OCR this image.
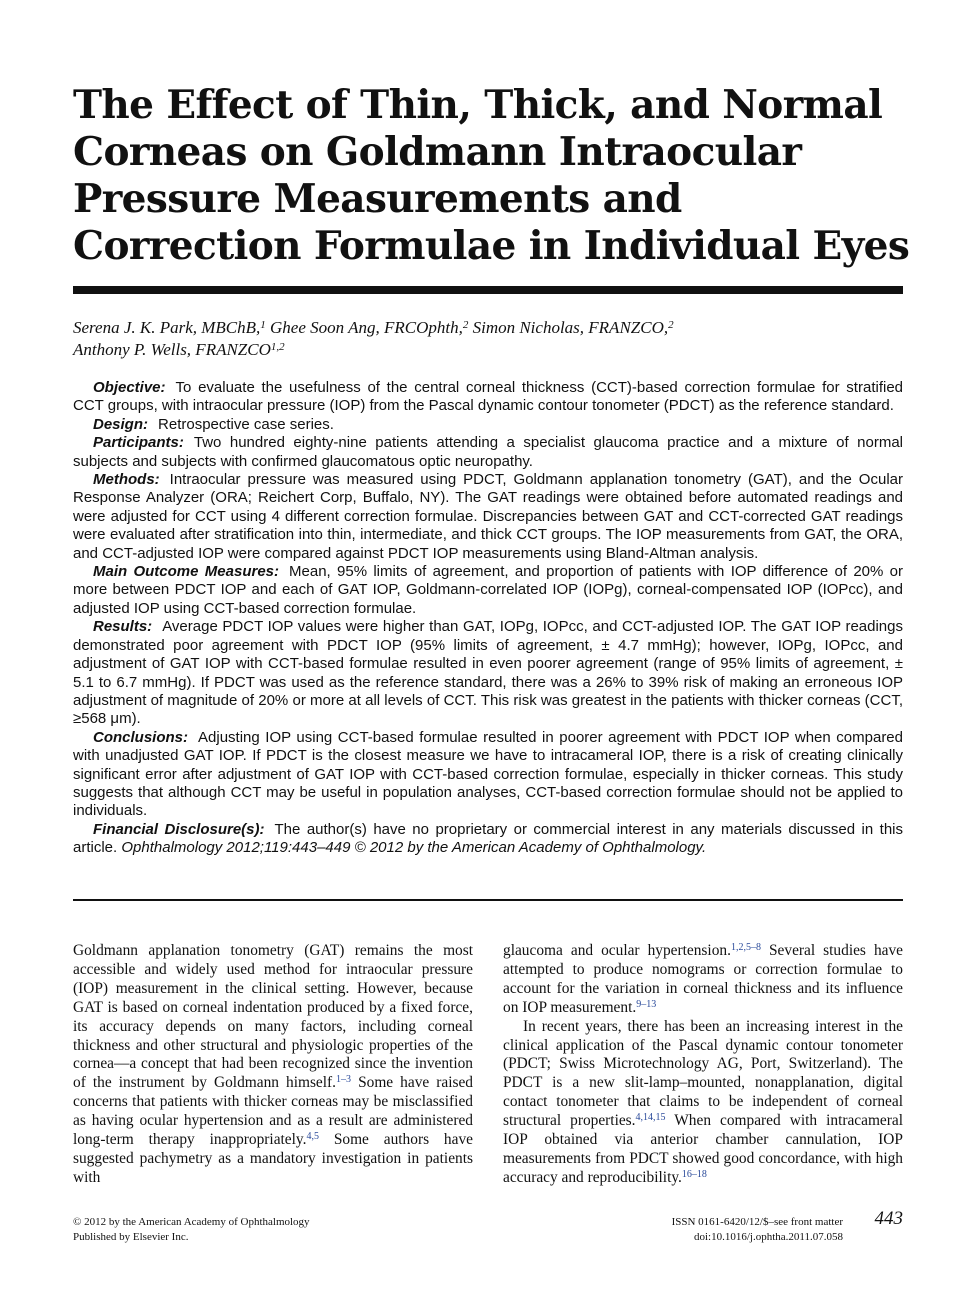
The Effect of Thin, Thick, and Normal Corneas on Goldmann Intraocular Pressure Measurements and Correction Formulae in Individual Eyes
Serena J. K. Park, MBChB,$^1$ Ghee Soon Ang, FRCOphth,$^2$ Simon Nicholas, FRANZCO,$^2$
Anthony P. Wells, FRANZCO$^{1,2}$

Objective: To evaluate the usefulness of the central corneal thickness (CCT)-based correction formulae for stratified CCT groups, with intraocular pressure (IOP) from the Pascal dynamic contour tonometer (PDCT) as the reference standard.

Design: Retrospective case series.

Participants: Two hundred eighty-nine patients attending a specialist glaucoma practice and a mixture of normal subjects and subjects with confirmed glaucomatous optic neuropathy.

Methods: Intraocular pressure was measured using PDCT, Goldmann applanation tonometry (GAT), and the Ocular Response Analyzer (ORA; Reichert Corp, Buffalo, NY). The GAT readings were obtained before automated readings and were adjusted for CCT using 4 different correction formulae. Discrepancies between GAT and CCT-corrected GAT readings were evaluated after stratification into thin, intermediate, and thick CCT groups. The IOP measurements from GAT, the ORA, and CCT-adjusted IOP were compared against PDCT IOP measurements using Bland-Altman analysis.

Main Outcome Measures: Mean, 95% limits of agreement, and proportion of patients with IOP difference of 20% or more between PDCT IOP and each of GAT IOP, Goldmann-correlated IOP (IOPg), corneal-compensated IOP (IOPcc), and adjusted IOP using CCT-based correction formulae.

Results: Average PDCT IOP values were higher than GAT, IOPg, IOPcc, and CCT-adjusted IOP. The GAT IOP readings demonstrated poor agreement with PDCT IOP (95% limits of agreement, ± 4.7 mmHg); however, IOPg, IOPcc, and adjustment of GAT IOP with CCT-based formulae resulted in even poorer agreement (range of 95% limits of agreement, ± 5.1 to 6.7 mmHg). If PDCT was used as the reference standard, there was a 26% to 39% risk of making an erroneous IOP adjustment of magnitude of 20% or more at all levels of CCT. This risk was greatest in the patients with thicker corneas (CCT, ≥568 μm).

Conclusions: Adjusting IOP using CCT-based formulae resulted in poorer agreement with PDCT IOP when compared with unadjusted GAT IOP. If PDCT is the closest measure we have to intracameral IOP, there is a risk of creating clinically significant error after adjustment of GAT IOP with CCT-based correction formulae, especially in thicker corneas. This study suggests that although CCT may be useful in population analyses, CCT-based correction formulae should not be applied to individuals.

Financial Disclosure(s): The author(s) have no proprietary or commercial interest in any materials discussed in this article. Ophthalmology 2012;119:443–449 © 2012 by the American Academy of Ophthalmology.

Goldmann applanation tonometry (GAT) remains the most accessible and widely used method for intraocular pressure (IOP) measurement in the clinical setting. However, because GAT is based on corneal indentation produced by a fixed force, its accuracy depends on many factors, including corneal thickness and other structural and physiologic properties of the cornea—a concept that had been recognized since the invention of the instrument by Goldmann himself.$^{1-3}$ Some have raised concerns that patients with thicker corneas may be misclassified as having ocular hypertension and as a result are administered long-term therapy inappropriately.$^{4,5}$ Some authors have suggested pachymetry as a mandatory investigation in patients with

glaucoma and ocular hypertension.$^{1,2,5-8}$ Several studies have attempted to produce nomograms or correction formulae to account for the variation in corneal thickness and its influence on IOP measurement.$^{9-13}$

In recent years, there has been an increasing interest in the clinical application of the Pascal dynamic contour tonometer (PDCT; Swiss Microtechnology AG, Port, Switzerland). The PDCT is a new slit-lamp–mounted, nonapplanation, digital contact tonometer that claims to be independent of corneal structural properties.$^{4,14,15}$ When compared with intracameral IOP obtained via anterior chamber cannulation, IOP measurements from PDCT showed good concordance, with high accuracy and reproducibility.$^{16-18}$

© 2012 by the American Academy of Ophthalmology
Published by Elsevier Inc.
ISSN 0161-6420/12/$–see front matter
doi:10.1016/j.ophtha.2011.07.058
443
